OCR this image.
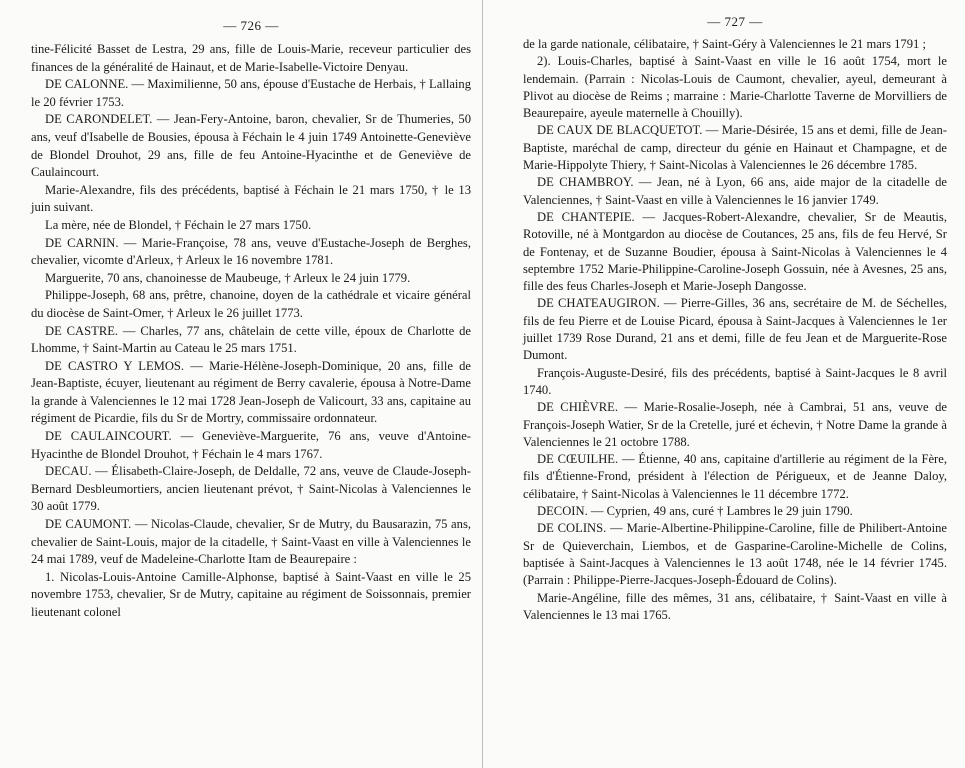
— 726 —

tine-Félicité Basset de Lestra, 29 ans, fille de Louis-Marie, receveur particulier des finances de la généralité de Hainaut, et de Marie-Isabelle-Victoire Denyau.

DE CALONNE. — Maximilienne, 50 ans, épouse d'Eustache de Herbais, † Lallaing le 20 février 1753.

DE CARONDELET. — Jean-Fery-Antoine, baron, chevalier, Sr de Thumeries, 50 ans, veuf d'Isabelle de Bousies, épousa à Féchain le 4 juin 1749 Antoinette-Geneviève de Blondel Drouhot, 29 ans, fille de feu Antoine-Hyacinthe et de Geneviève de Caulaincourt.

Marie-Alexandre, fils des précédents, baptisé à Féchain le 21 mars 1750, † le 13 juin suivant.

La mère, née de Blondel, † Féchain le 27 mars 1750.

DE CARNIN. — Marie-Françoise, 78 ans, veuve d'Eustache-Joseph de Berghes, chevalier, vicomte d'Arleux, † Arleux le 16 novembre 1781.

Marguerite, 70 ans, chanoinesse de Maubeuge, † Arleux le 24 juin 1779.

Philippe-Joseph, 68 ans, prêtre, chanoine, doyen de la cathédrale et vicaire général du diocèse de Saint-Omer, † Arleux le 26 juillet 1773.

DE CASTRE. — Charles, 77 ans, châtelain de cette ville, époux de Charlotte de Lhomme, † Saint-Martin au Cateau le 25 mars 1751.

DE CASTRO Y LEMOS. — Marie-Hélène-Joseph-Dominique, 20 ans, fille de Jean-Baptiste, écuyer, lieutenant au régiment de Berry cavalerie, épousa à Notre-Dame la grande à Valenciennes le 12 mai 1728 Jean-Joseph de Valicourt, 33 ans, capitaine au régiment de Picardie, fils du Sr de Mortry, commissaire ordonnateur.

DE CAULAINCOURT. — Geneviève-Marguerite, 76 ans, veuve d'Antoine-Hyacinthe de Blondel Drouhot, † Féchain le 4 mars 1767.

DECAU. — Élisabeth-Claire-Joseph, de Deldalle, 72 ans, veuve de Claude-Joseph-Bernard Desbleumortiers, ancien lieutenant prévot, † Saint-Nicolas à Valenciennes le 30 août 1779.

DE CAUMONT. — Nicolas-Claude, chevalier, Sr de Mutry, du Bausarazin, 75 ans, chevalier de Saint-Louis, major de la citadelle, † Saint-Vaast en ville à Valenciennes le 24 mai 1789, veuf de Madeleine-Charlotte Itam de Beaurepaire :

1. Nicolas-Louis-Antoine Camille-Alphonse, baptisé à Saint-Vaast en ville le 25 novembre 1753, chevalier, Sr de Mutry, capitaine au régiment de Soissonnais, premier lieutenant colonel

— 727 —

de la garde nationale, célibataire, † Saint-Géry à Valenciennes le 21 mars 1791 ;

2). Louis-Charles, baptisé à Saint-Vaast en ville le 16 août 1754, mort le lendemain. (Parrain : Nicolas-Louis de Caumont, chevalier, ayeul, demeurant à Plivot au diocèse de Reims ; marraine : Marie-Charlotte Taverne de Morvilliers de Beaurepaire, ayeule maternelle à Chouilly).

DE CAUX DE BLACQUETOT. — Marie-Désirée, 15 ans et demi, fille de Jean-Baptiste, maréchal de camp, directeur du génie en Hainaut et Champagne, et de Marie-Hippolyte Thiery, † Saint-Nicolas à Valenciennes le 26 décembre 1785.

DE CHAMBROY. — Jean, né à Lyon, 66 ans, aide major de la citadelle de Valenciennes, † Saint-Vaast en ville à Valenciennes le 16 janvier 1749.

DE CHANTEPIE. — Jacques-Robert-Alexandre, chevalier, Sr de Meautis, Rotoville, né à Montgardon au diocèse de Coutances, 25 ans, fils de feu Hervé, Sr de Fontenay, et de Suzanne Boudier, épousa à Saint-Nicolas à Valenciennes le 4 septembre 1752 Marie-Philippine-Caroline-Joseph Gossuin, née à Avesnes, 25 ans, fille des feus Charles-Joseph et Marie-Joseph Dangosse.

DE CHATEAUGIRON. — Pierre-Gilles, 36 ans, secrétaire de M. de Séchelles, fils de feu Pierre et de Louise Picard, épousa à Saint-Jacques à Valenciennes le 1er juillet 1739 Rose Durand, 21 ans et demi, fille de feu Jean et de Marguerite-Rose Dumont.

François-Auguste-Desiré, fils des précédents, baptisé à Saint-Jacques le 8 avril 1740.

DE CHIÈVRE. — Marie-Rosalie-Joseph, née à Cambrai, 51 ans, veuve de François-Joseph Watier, Sr de la Cretelle, juré et échevin, † Notre Dame la grande à Valenciennes le 21 octobre 1788.

DE CŒUILHE. — Étienne, 40 ans, capitaine d'artillerie au régiment de la Fère, fils d'Étienne-Frond, président à l'élection de Périgueux, et de Jeanne Daloy, célibataire, † Saint-Nicolas à Valenciennes le 11 décembre 1772.

DECOIN. — Cyprien, 49 ans, curé † Lambres le 29 juin 1790.

DE COLINS. — Marie-Albertine-Philippine-Caroline, fille de Philibert-Antoine Sr de Quieverchain, Liembos, et de Gasparine-Caroline-Michelle de Colins, baptisée à Saint-Jacques à Valenciennes le 13 août 1748, née le 14 février 1745. (Parrain : Philippe-Pierre-Jacques-Joseph-Édouard de Colins).

Marie-Angéline, fille des mêmes, 31 ans, célibataire, † Saint-Vaast en ville à Valenciennes le 13 mai 1765.
